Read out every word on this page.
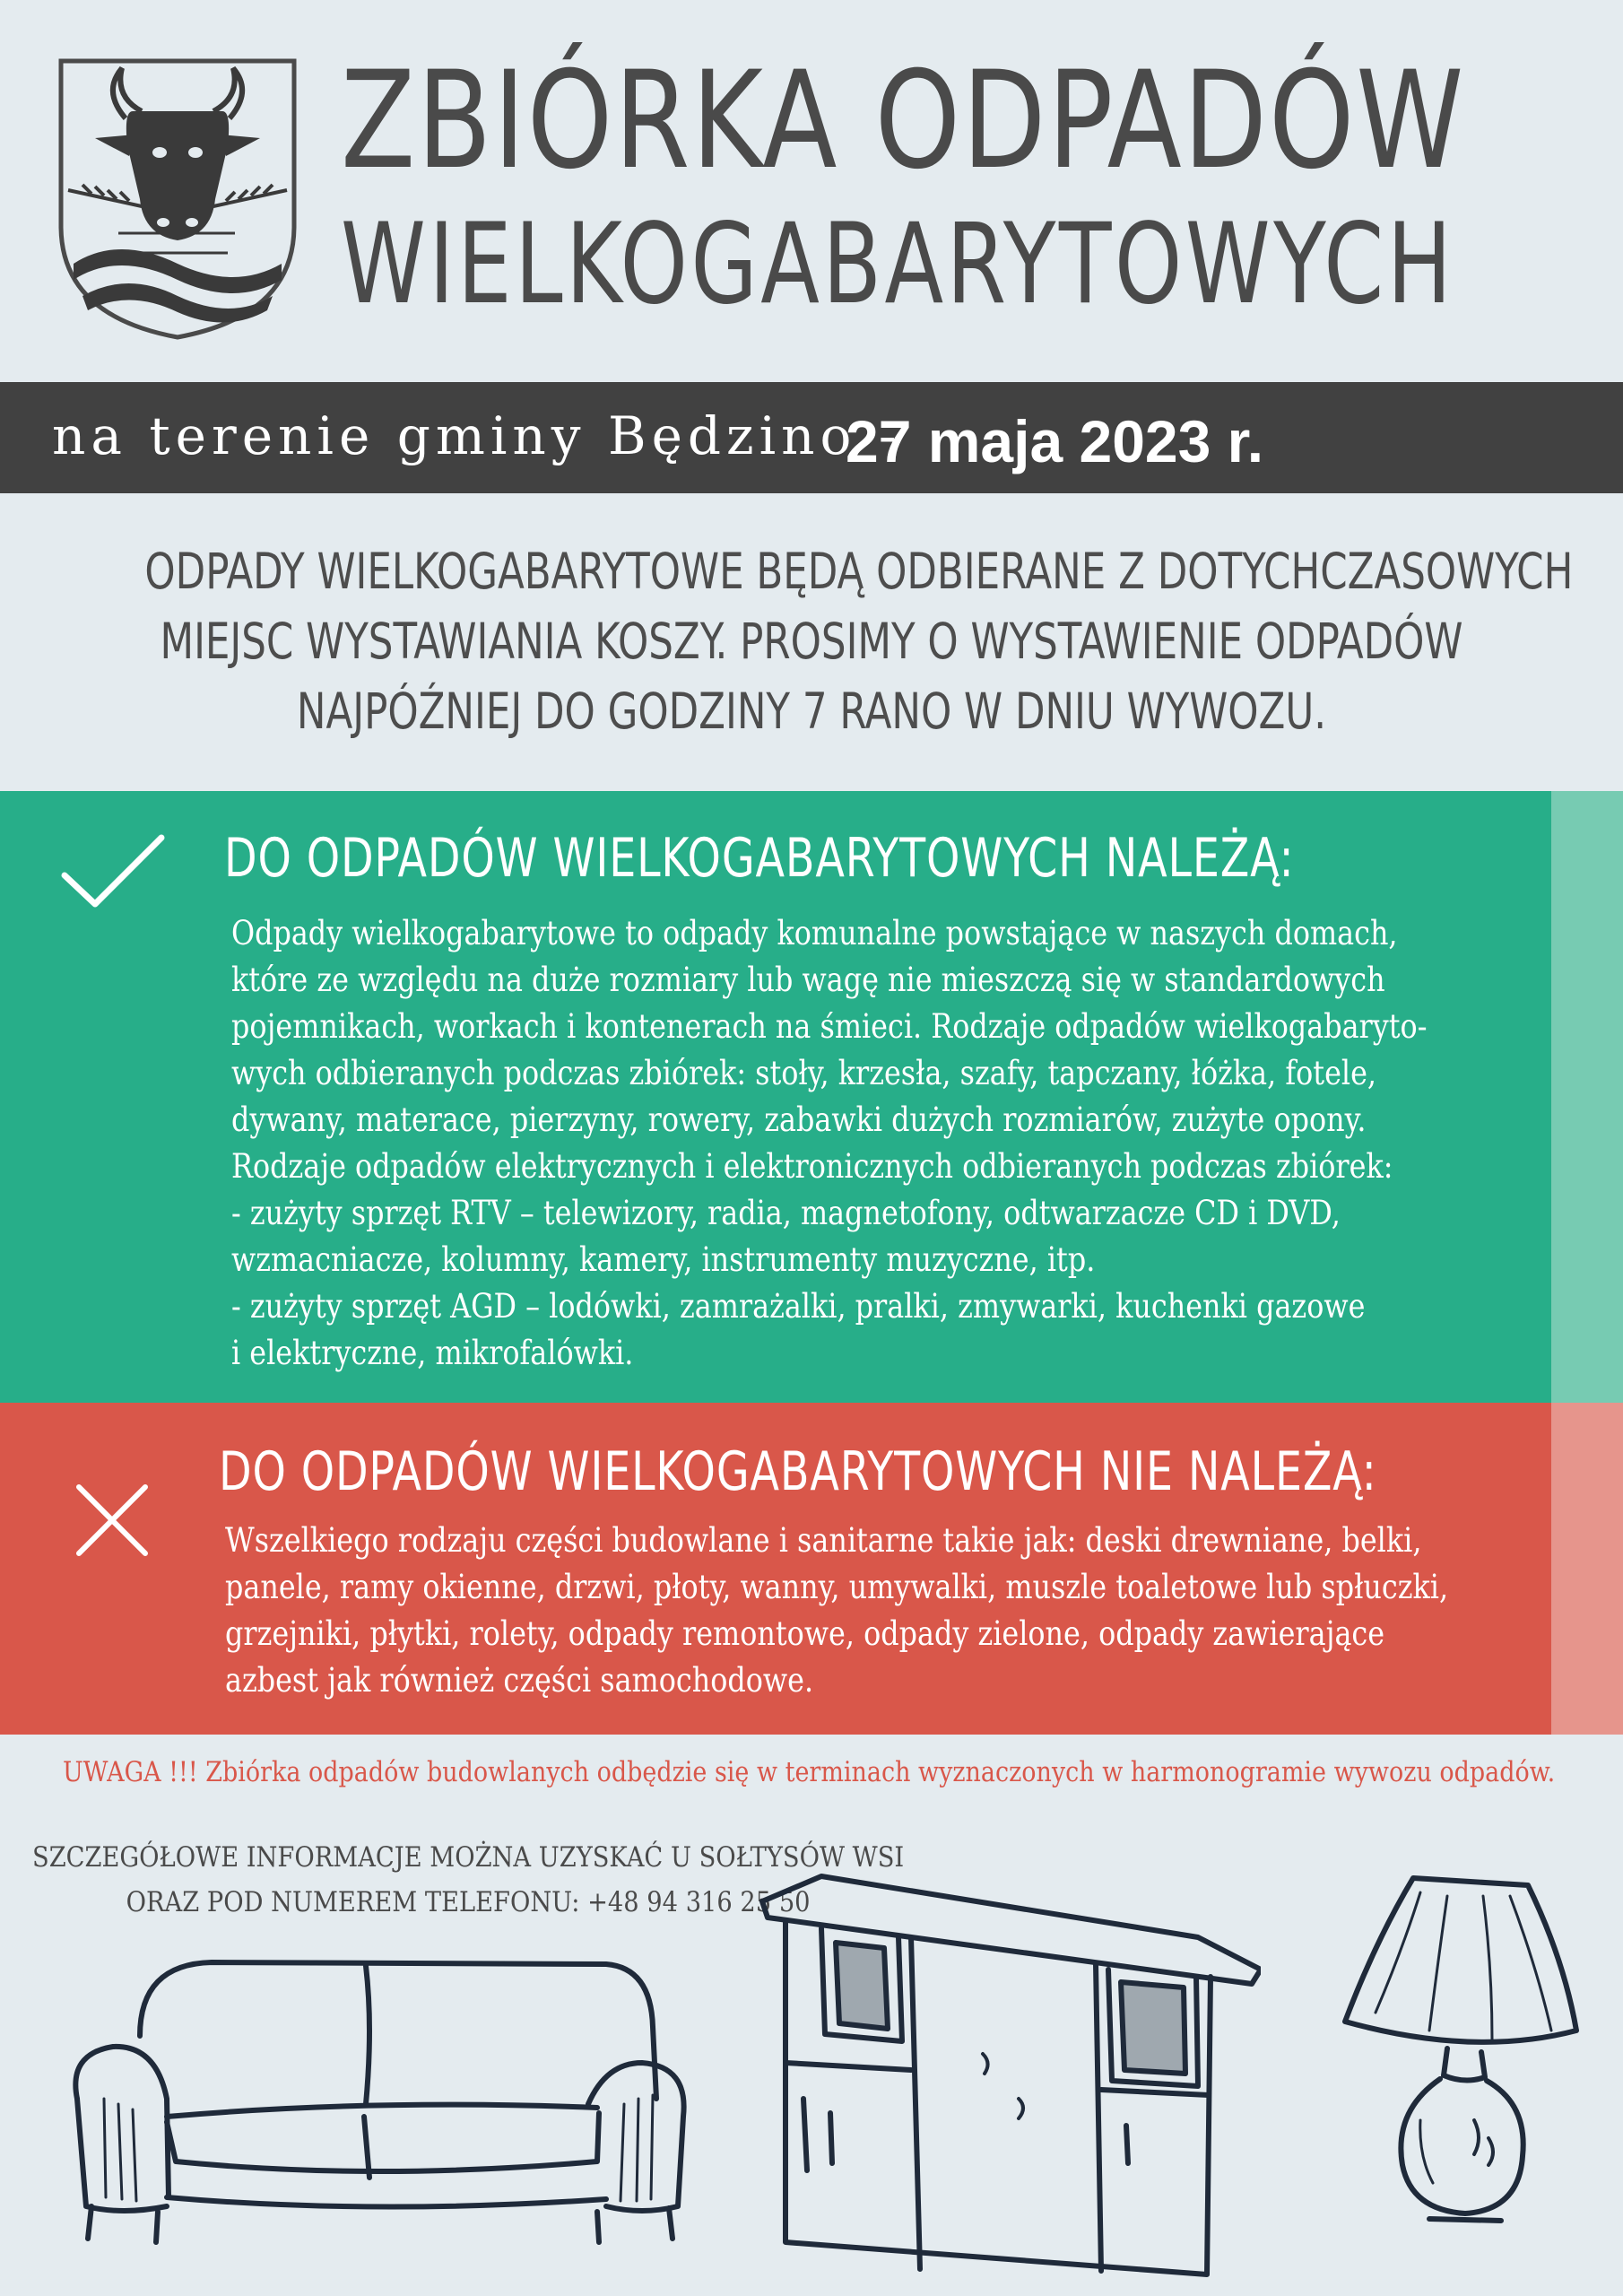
ZBIÓRKA ODPADÓW
WIELKOGABARYTOWYCH
na terenie gminy Będzino -
27 maja 2023 r.
ODPADY WIELKOGABARYTOWE BĘDĄ ODBIERANE Z DOTYCHCZASOWYCH
MIEJSC WYSTAWIANIA KOSZY. PROSIMY O WYSTAWIENIE ODPADÓW
NAJPÓŹNIEJ DO GODZINY 7 RANO W DNIU WYWOZU.
DO ODPADÓW WIELKOGABARYTOWYCH NALEŻĄ:
Odpady wielkogabarytowe to odpady komunalne powstające w naszych domach,
które ze względu na duże rozmiary lub wagę nie mieszczą się w standardowych
pojemnikach, workach i kontenerach na śmieci. Rodzaje odpadów wielkogabaryto-
wych odbieranych podczas zbiórek: stoły, krzesła, szafy, tapczany, łóżka, fotele,
dywany, materace, pierzyny, rowery, zabawki dużych rozmiarów, zużyte opony.
Rodzaje odpadów elektrycznych i elektronicznych odbieranych podczas zbiórek:
- zużyty sprzęt RTV – telewizory, radia, magnetofony, odtwarzacze CD i DVD,
wzmacniacze, kolumny, kamery, instrumenty muzyczne, itp.
- zużyty sprzęt AGD – lodówki, zamrażalki, pralki, zmywarki, kuchenki gazowe
i elektryczne, mikrofalówki.
DO ODPADÓW WIELKOGABARYTOWYCH NIE NALEŻĄ:
Wszelkiego rodzaju części budowlane i sanitarne takie jak: deski drewniane, belki,
panele, ramy okienne, drzwi, płoty, wanny, umywalki, muszle toaletowe lub spłuczki,
grzejniki, płytki, rolety, odpady remontowe, odpady zielone, odpady zawierające
azbest jak również części samochodowe.
UWAGA !!! Zbiórka odpadów budowlanych odbędzie się w terminach wyznaczonych w harmonogramie wywozu odpadów.
SZCZEGÓŁOWE INFORMACJE MOŻNA UZYSKAĆ U SOŁTYSÓW WSI
ORAZ POD NUMEREM TELEFONU: +48 94 316 25 50
